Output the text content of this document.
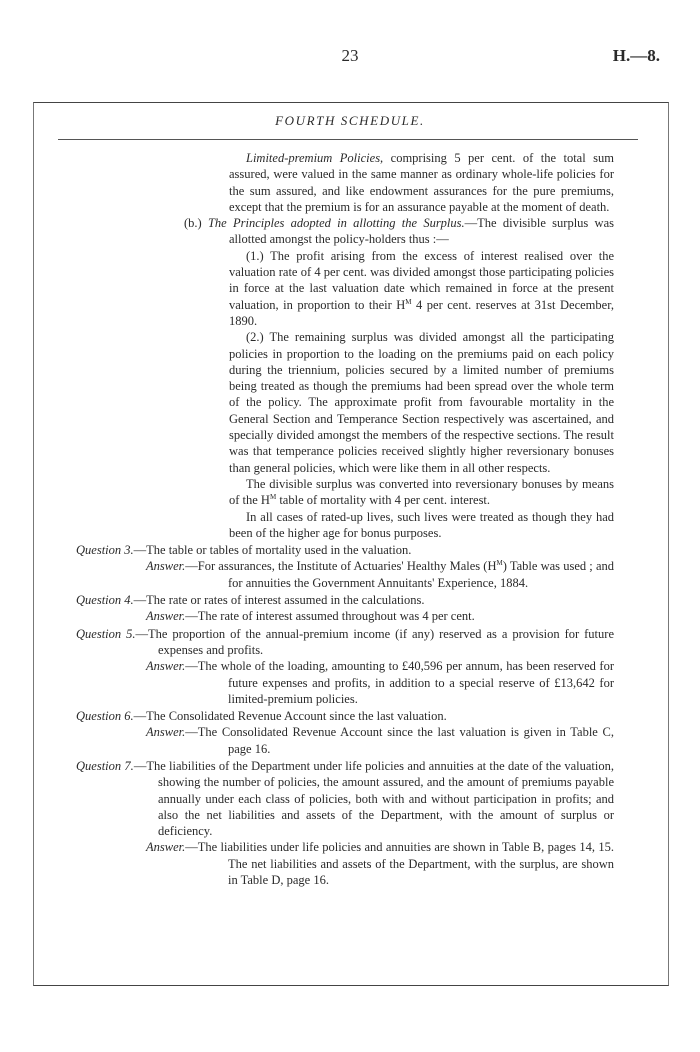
23	H.—8.
FOURTH SCHEDULE.

Limited-premium Policies, comprising 5 per cent. of the total sum assured, were valued in the same manner as ordinary whole-life policies for the sum assured, and like endowment assurances for the pure premiums, except that the premium is for an assurance payable at the moment of death.

(b.) The Principles adopted in allotting the Surplus.—The divisible surplus was allotted amongst the policy-holders thus :—

(1.) The profit arising from the excess of interest realised over the valuation rate of 4 per cent. was divided amongst those participating policies in force at the last valuation date which remained in force at the present valuation, in proportion to their $H^M$ 4 per cent. reserves at 31st December, 1890.

(2.) The remaining surplus was divided amongst all the participating policies in proportion to the loading on the premiums paid on each policy during the triennium, policies secured by a limited number of premiums being treated as though the premiums had been spread over the whole term of the policy. The approximate profit from favourable mortality in the General Section and Temperance Section respectively was ascertained, and specially divided amongst the members of the respective sections. The result was that temperance policies received slightly higher reversionary bonuses than general policies, which were like them in all other respects.

The divisible surplus was converted into reversionary bonuses by means of the $H^M$ table of mortality with 4 per cent. interest.

In all cases of rated-up lives, such lives were treated as though they had been of the higher age for bonus purposes.

Question 3.—The table or tables of mortality used in the valuation.

Answer.—For assurances, the Institute of Actuaries' Healthy Males $(H^M)$ Table was used ; and for annuities the Government Annuitants' Experience, 1884.

Question 4.—The rate or rates of interest assumed in the calculations.

Answer.—The rate of interest assumed throughout was 4 per cent.

Question 5.—The proportion of the annual-premium income (if any) reserved as a provision for future expenses and profits.

Answer.—The whole of the loading, amounting to £40,596 per annum, has been reserved for future expenses and profits, in addition to a special reserve of £13,642 for limited-premium policies.

Question 6.—The Consolidated Revenue Account since the last valuation.

Answer.—The Consolidated Revenue Account since the last valuation is given in Table C, page 16.

Question 7.—The liabilities of the Department under life policies and annuities at the date of the valuation, showing the number of policies, the amount assured, and the amount of premiums payable annually under each class of policies, both with and without participation in profits; and also the net liabilities and assets of the Department, with the amount of surplus or deficiency.

Answer.—The liabilities under life policies and annuities are shown in Table B, pages 14, 15. The net liabilities and assets of the Department, with the surplus, are shown in Table D, page 16.
